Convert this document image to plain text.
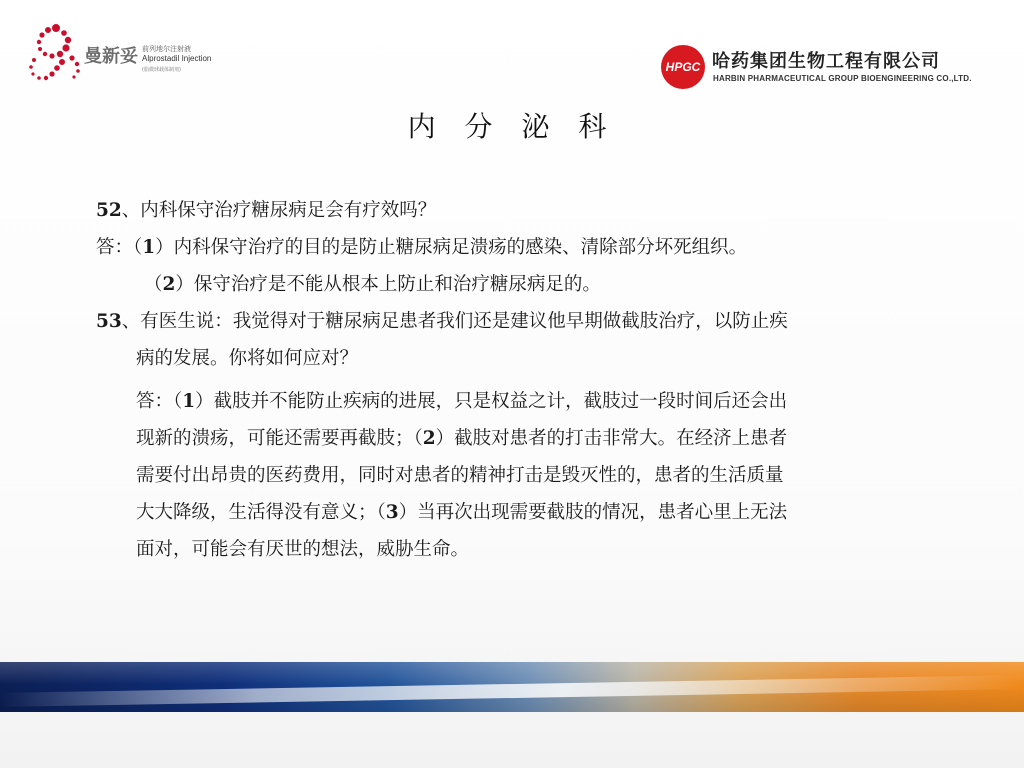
曼新妥 前列地尔注射液
Alprostadil Injection
(脂微球载体制剂)	HPGC 哈药集团生物工程有限公司
HARBIN PHARMACEUTICAL GROUP BIOENGINEERING CO.,LTD.
内 分 泌 科

52、内科保守治疗糖尿病足会有疗效吗？

答：（1）内科保守治疗的目的是防止糖尿病足溃疡的感染、清除部分坏死组织。

（2）保守治疗是不能从根本上防止和治疗糖尿病足的。

53、有医生说：我觉得对于糖尿病足患者我们还是建议他早期做截肢治疗，以防止疾

病的发展。你将如何应对？

答：（1）截肢并不能防止疾病的进展，只是权益之计，截肢过一段时间后还会出

现新的溃疡，可能还需要再截肢；（2）截肢对患者的打击非常大。在经济上患者

需要付出昂贵的医药费用，同时对患者的精神打击是毁灭性的，患者的生活质量

大大降级，生活得没有意义；（3）当再次出现需要截肢的情况，患者心里上无法

面对，可能会有厌世的想法，威胁生命。
